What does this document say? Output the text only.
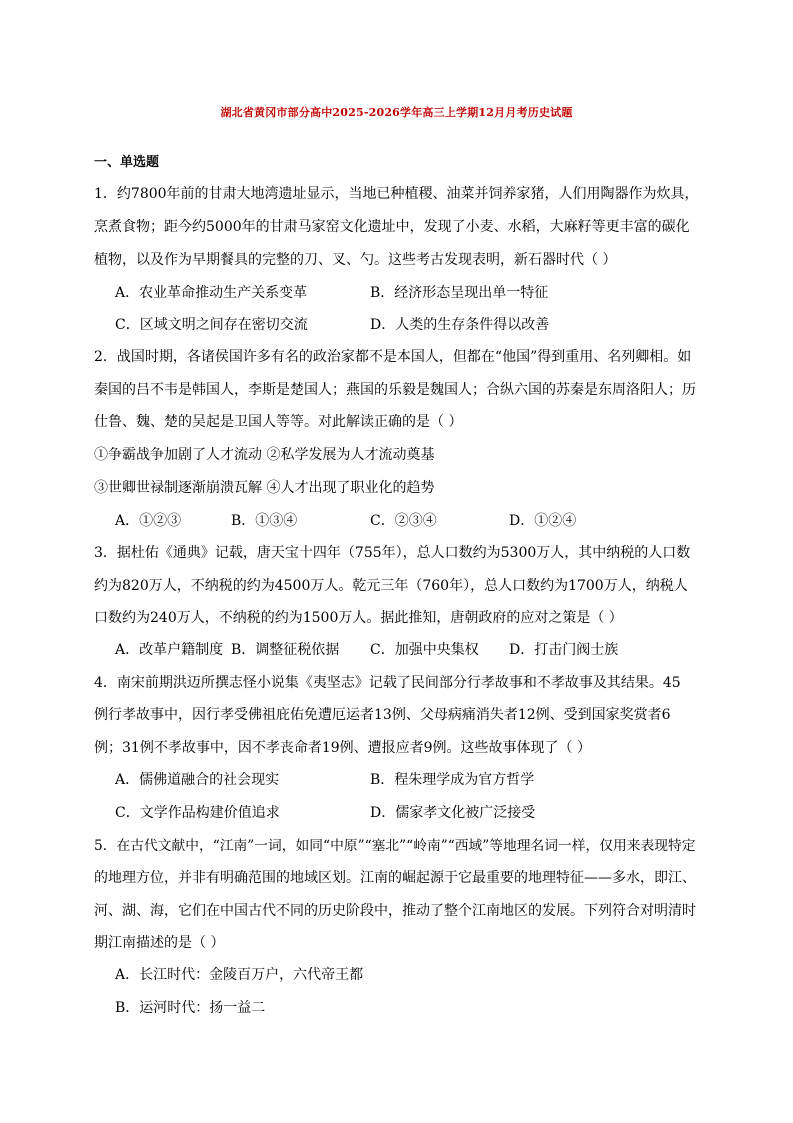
湖北省黄冈市部分高中2025-2026学年高三上学期12月月考历史试题
一、单选题
1．约7800年前的甘肃大地湾遗址显示，当地已种植稷、油菜并饲养家猪，人们用陶器作为炊具，
烹煮食物；距今约5000年的甘肃马家窑文化遗址中，发现了小麦、水稻，大麻籽等更丰富的碳化
植物，以及作为早期餐具的完整的刀、叉、勺。这些考古发现表明，新石器时代（ ）
A．农业革命推动生产关系变革	B．经济形态呈现出单一特征
C．区域文明之间存在密切交流	D．人类的生存条件得以改善
2．战国时期，各诸侯国许多有名的政治家都不是本国人，但都在“他国”得到重用、名列卿相。如
秦国的吕不韦是韩国人，李斯是楚国人；燕国的乐毅是魏国人；合纵六国的苏秦是东周洛阳人；历
仕鲁、魏、楚的吴起是卫国人等等。对此解读正确的是（ ）
①争霸战争加剧了人才流动 ②私学发展为人才流动奠基
③世卿世禄制逐渐崩溃瓦解 ④人才出现了职业化的趋势
A．①②③	B．①③④	C．②③④	D．①②④
3．据杜佑《通典》记载，唐天宝十四年（755年），总人口数约为5300万人，其中纳税的人口数
约为820万人，不纳税的约为4500万人。乾元三年（760年），总人口数约为1700万人，纳税人
口数约为240万人，不纳税的约为1500万人。据此推知，唐朝政府的应对之策是（ ）
A．改革户籍制度 B．调整征税依据 C．加强中央集权 D．打击门阀士族
4．南宋前期洪迈所撰志怪小说集《夷坚志》记载了民间部分行孝故事和不孝故事及其结果。45
例行孝故事中，因行孝受佛祖庇佑免遭厄运者13例、父母病痛消失者12例、受到国家奖赏者6
例；31例不孝故事中，因不孝丧命者19例、遭报应者9例。这些故事体现了（ ）
A．儒佛道融合的社会现实	B．程朱理学成为官方哲学
C．文学作品构建价值追求	D．儒家孝文化被广泛接受
5．在古代文献中，“江南”一词，如同“中原”“塞北”“岭南”“西域”等地理名词一样，仅用来表现特定
的地理方位，并非有明确范围的地域区划。江南的崛起源于它最重要的地理特征——多水，即江、
河、湖、海，它们在中国古代不同的历史阶段中，推动了整个江南地区的发展。下列符合对明清时
期江南描述的是（ ）
A．长江时代：金陵百万户，六代帝王都
B．运河时代：扬一益二
